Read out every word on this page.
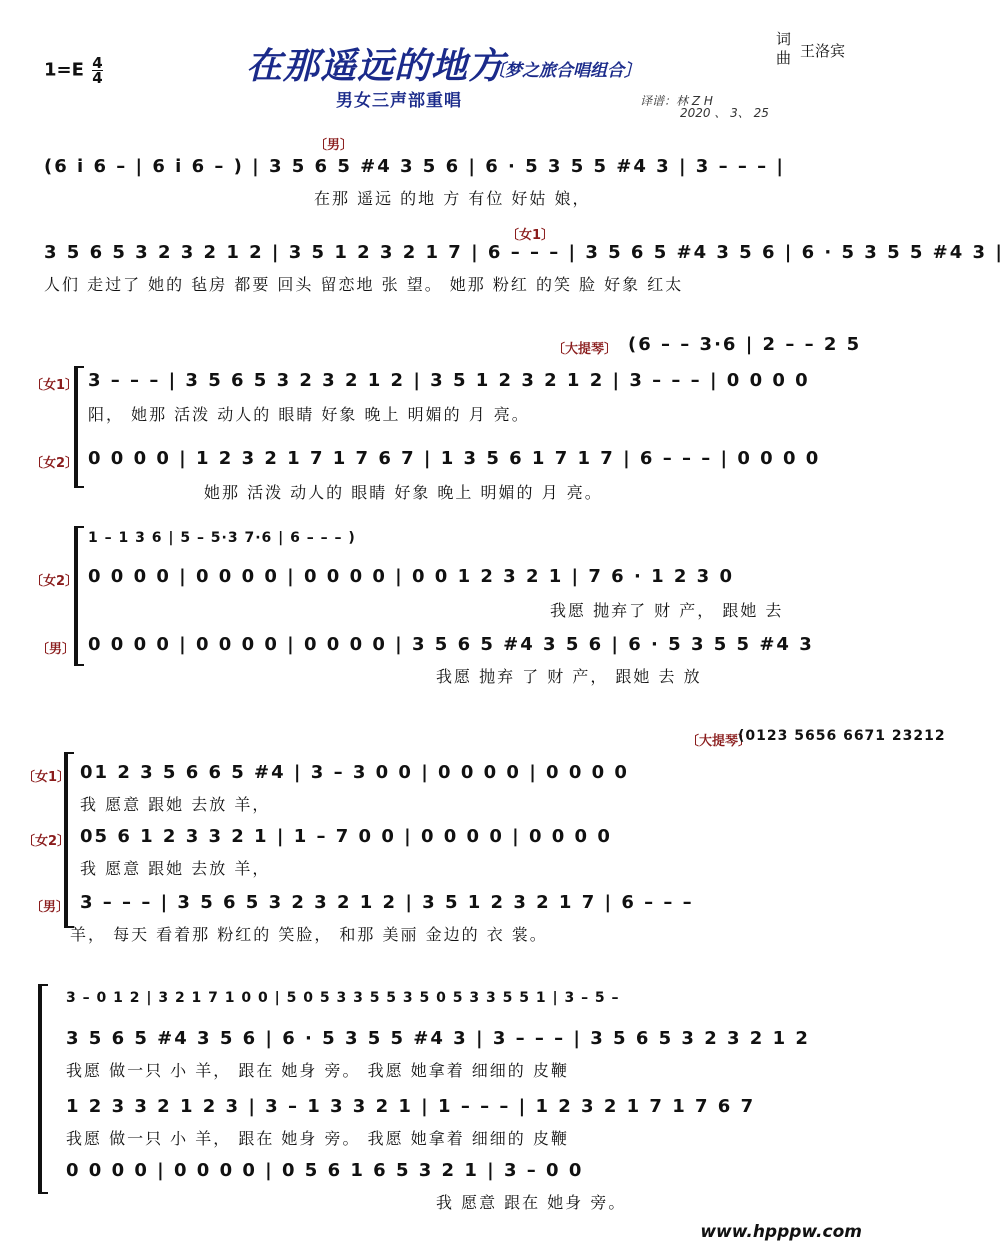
$1=E \frac{4}{4}$	在那遥远的地方
〔梦之旅合唱组合〕
男女三声部重唱
词
曲 王洛宾
译谱：林 Z H
2020 、 3、 25
〔男〕
(6 i 6 – | 6 i 6 – ) | 3 5 6 5 #4 3 5 6 | 6 · 5 3 5 5 #4 3 | 3 – – – |
在那 遥远 的地 方 有位 好姑 娘，
〔女1〕
3 5 6 5 3 2 3 2 1 2 | 3 5 1 2 3 2 1 7 | 6 – – – | 3 5 6 5 #4 3 5 6 | 6 · 5 3 5 5 #4 3 |
人们 走过了 她的 毡房 都要 回头 留恋地 张 望。 她那 粉红 的笑 脸 好象 红太
〔大提琴〕 (6 – – 3·6 | 2 – – 2 5
〔女1〕 3 – – – | 3 5 6 5 3 2 3 2 1 2 | 3 5 1 2 3 2 1 2 | 3 – – – | 0 0 0 0
阳， 她那 活泼 动人的 眼睛 好象 晚上 明媚的 月 亮。
〔女2〕 0 0 0 0 | 1 2 3 2 1 7 1 7 6 7 | 1 3 5 6 1 7 1 7 | 6 – – – | 0 0 0 0
她那 活泼 动人的 眼睛 好象 晚上 明媚的 月 亮。
1 – 1 3 6 | 5 – 5·3 7·6 | 6 – – – )
〔女2〕 0 0 0 0 | 0 0 0 0 | 0 0 0 0 | 0 0 1 2 3 2 1 | 7 6 · 1 2 3 0
我愿 抛弃了 财 产， 跟她 去
〔男〕 0 0 0 0 | 0 0 0 0 | 0 0 0 0 | 3 5 6 5 #4 3 5 6 | 6 · 5 3 5 5 #4 3
我愿 抛弃 了 财 产， 跟她 去 放
〔大提琴〕
(0123 5656 6671 23212
〔女1〕 01 2 3 5 6 6 5 #4 | 3 – 3 0 0 | 0 0 0 0 | 0 0 0 0
我 愿意 跟她 去放 羊，
〔女2〕 05 6 1 2 3 3 2 1 | 1 – 7 0 0 | 0 0 0 0 | 0 0 0 0
我 愿意 跟她 去放 羊，
〔男〕 3 – – – | 3 5 6 5 3 2 3 2 1 2 | 3 5 1 2 3 2 1 7 | 6 – – –
羊， 每天 看着那 粉红的 笑脸， 和那 美丽 金边的 衣 裳。
3 – 0 1 2 | 3 2 1 7 1 0 0 | 5 0 5 3 3 5 5 3 5 0 5 3 3 5 5 1 | 3 – 5 –
3 5 6 5 #4 3 5 6 | 6 · 5 3 5 5 #4 3 | 3 – – – | 3 5 6 5 3 2 3 2 1 2
我愿 做一只 小 羊， 跟在 她身 旁。 我愿 她拿着 细细的 皮鞭
1 2 3 3 2 1 2 3 | 3 – 1 3 3 2 1 | 1 – – – | 1 2 3 2 1 7 1 7 6 7
我愿 做一只 小 羊， 跟在 她身 旁。 我愿 她拿着 细细的 皮鞭
0 0 0 0 | 0 0 0 0 | 0 5 6 1 6 5 3 2 1 | 3 – 0 0
我 愿意 跟在 她身 旁。
www.hpppw.com
